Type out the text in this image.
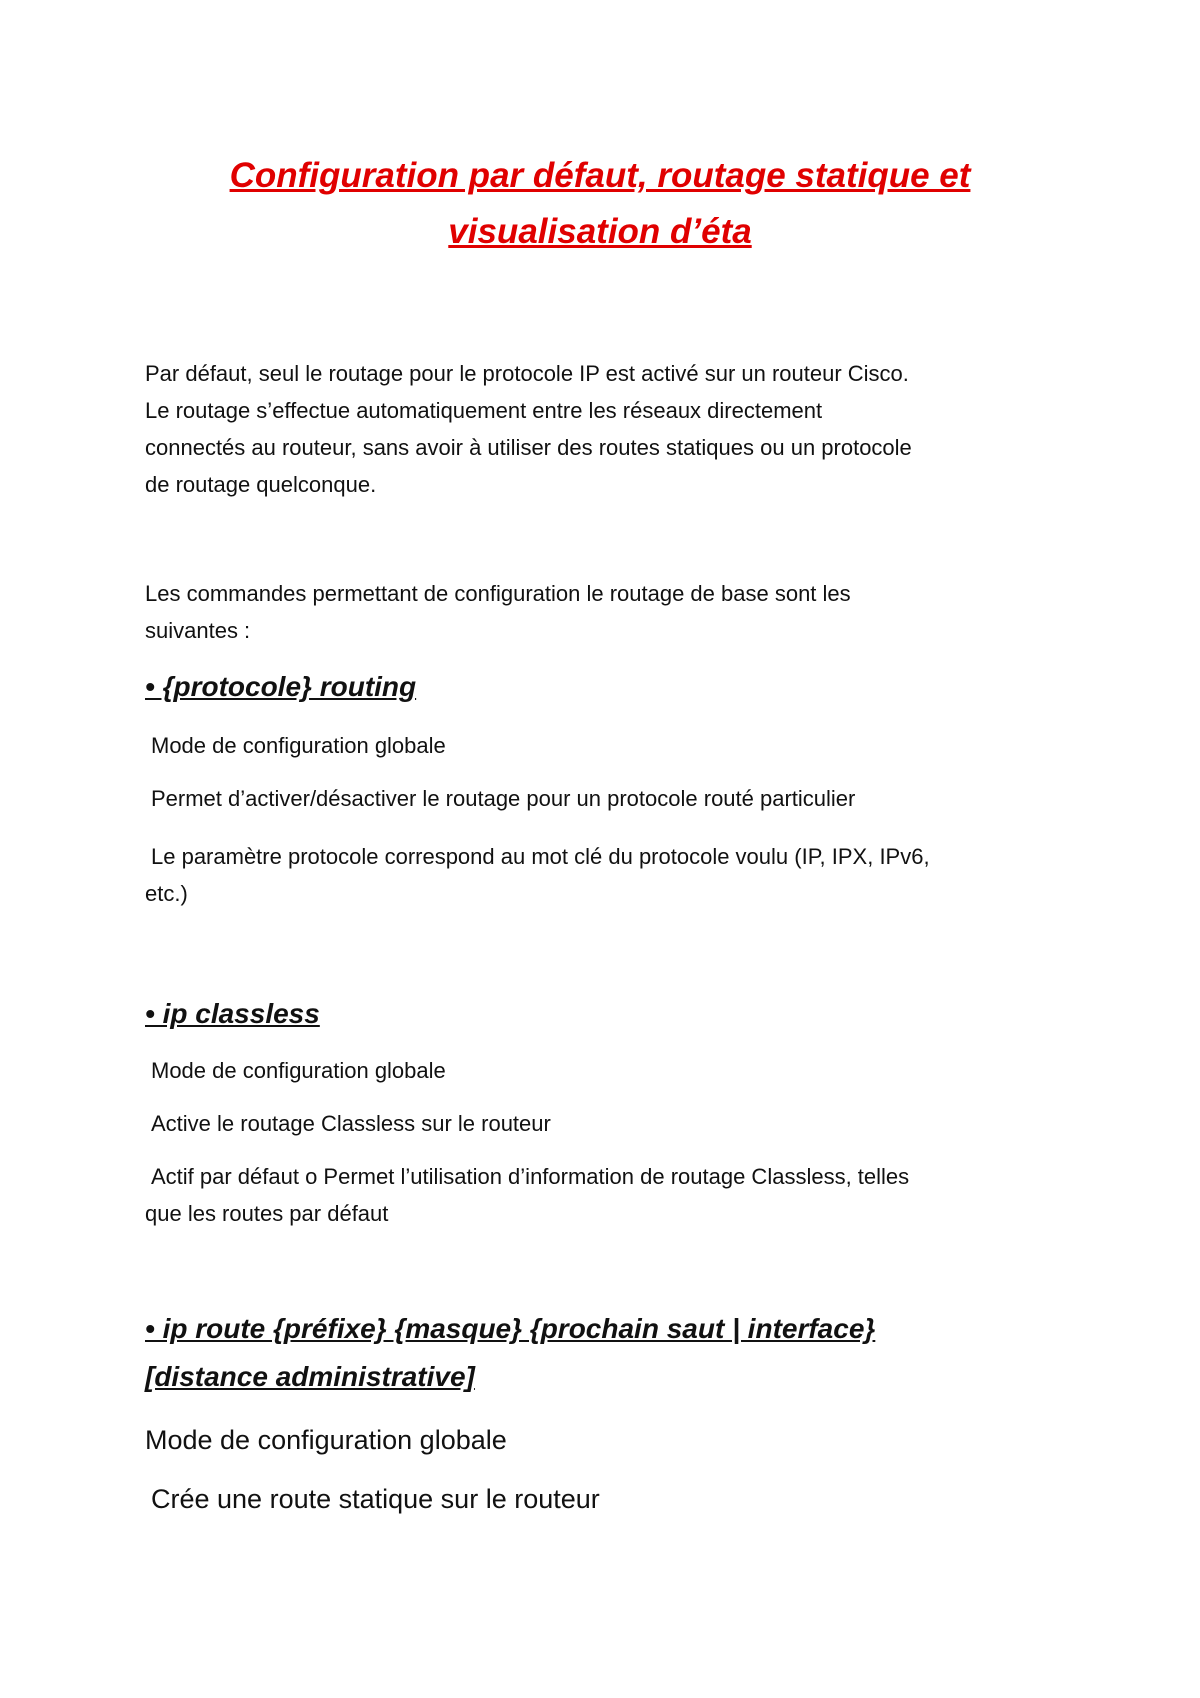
Configuration par défaut, routage statique et
visualisation d’éta
Par défaut, seul le routage pour le protocole IP est activé sur un routeur Cisco.
Le routage s’effectue automatiquement entre les réseaux directement
connectés au routeur, sans avoir à utiliser des routes statiques ou un protocole
de routage quelconque.
Les commandes permettant de configuration le routage de base sont les
suivantes :
• {protocole} routing
Mode de configuration globale
Permet d’activer/désactiver le routage pour un protocole routé particulier
Le paramètre protocole correspond au mot clé du protocole voulu (IP, IPX, IPv6,
etc.)
• ip classless
Mode de configuration globale
Active le routage Classless sur le routeur
Actif par défaut o Permet l’utilisation d’information de routage Classless, telles
que les routes par défaut
• ip route {préfixe} {masque} {prochain saut | interface}
[distance administrative]
Mode de configuration globale
Crée une route statique sur le routeur
